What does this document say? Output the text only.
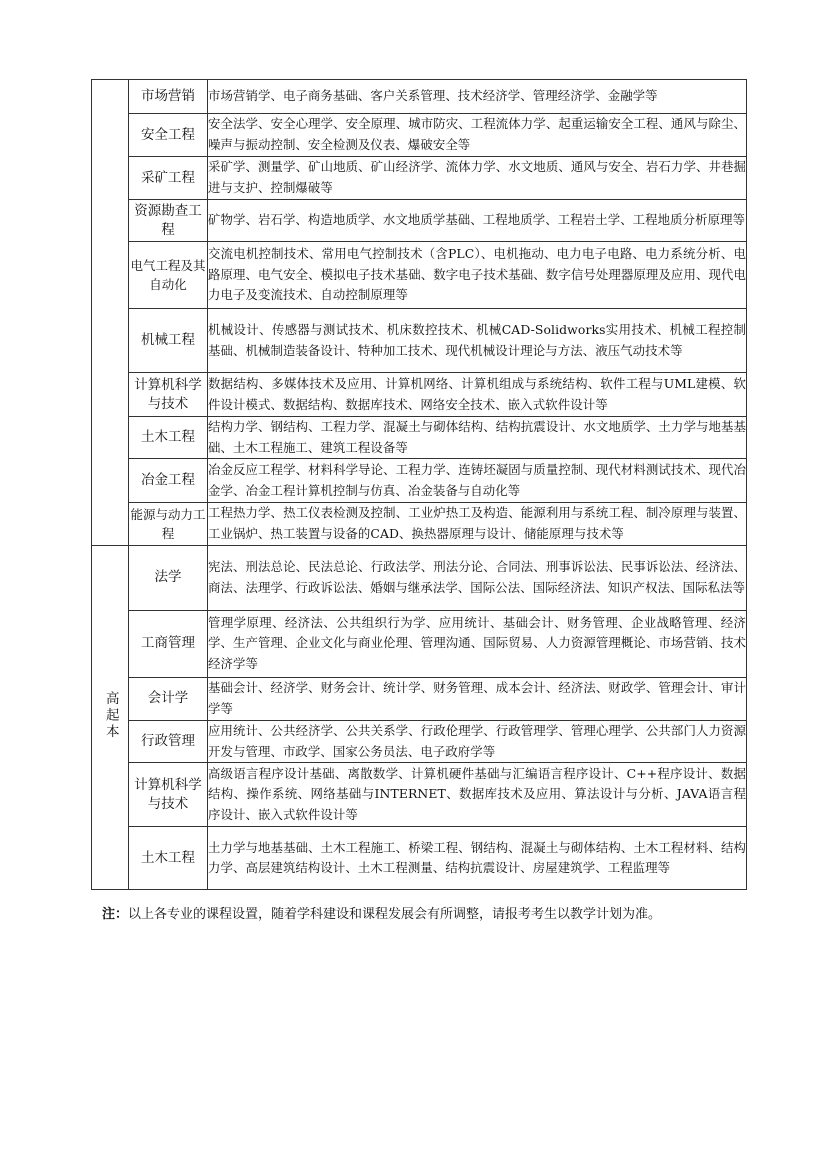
	市场营销	市场营销学、电子商务基础、客户关系管理、技术经济学、管理经济学、金融学等
	安全工程	安全法学、安全心理学、安全原理、城市防灾、工程流体力学、起重运输安全工程、通风与除尘、噪声与振动控制、安全检测及仪表、爆破安全等
	采矿工程	采矿学、测量学、矿山地质、矿山经济学、流体力学、水文地质、通风与安全、岩石力学、井巷掘进与支护、控制爆破等
	资源勘查工程	矿物学、岩石学、构造地质学、水文地质学基础、工程地质学、工程岩土学、工程地质分析原理等
	电气工程及其自动化	交流电机控制技术、常用电气控制技术（含PLC）、电机拖动、电力电子电路、电力系统分析、电路原理、电气安全、模拟电子技术基础、数字电子技术基础、数字信号处理器原理及应用、现代电力电子及变流技术、自动控制原理等
	机械工程	机械设计、传感器与测试技术、机床数控技术、机械CAD-Solidworks实用技术、机械工程控制基础、机械制造装备设计、特种加工技术、现代机械设计理论与方法、液压气动技术等
	计算机科学与技术	数据结构、多媒体技术及应用、计算机网络、计算机组成与系统结构、软件工程与UML建模、软件设计模式、数据结构、数据库技术、网络安全技术、嵌入式软件设计等
	土木工程	结构力学、钢结构、工程力学、混凝土与砌体结构、结构抗震设计、水文地质学、土力学与地基基础、土木工程施工、建筑工程设备等
	冶金工程	冶金反应工程学、材料科学导论、工程力学、连铸坯凝固与质量控制、现代材料测试技术、现代冶金学、冶金工程计算机控制与仿真、冶金装备与自动化等
	能源与动力工程	工程热力学、热工仪表检测及控制、工业炉热工及构造、能源利用与系统工程、制冷原理与装置、工业锅炉、热工装置与设备的CAD、换热器原理与设计、储能原理与技术等
高起本	法学	宪法、刑法总论、民法总论、行政法学、刑法分论、合同法、刑事诉讼法、民事诉讼法、经济法、商法、法理学、行政诉讼法、婚姻与继承法学、国际公法、国际经济法、知识产权法、国际私法等
	工商管理	管理学原理、经济法、公共组织行为学、应用统计、基础会计、财务管理、企业战略管理、经济学、生产管理、企业文化与商业伦理、管理沟通、国际贸易、人力资源管理概论、市场营销、技术经济学等
	会计学	基础会计、经济学、财务会计、统计学、财务管理、成本会计、经济法、财政学、管理会计、审计学等
	行政管理	应用统计、公共经济学、公共关系学、行政伦理学、行政管理学、管理心理学、公共部门人力资源开发与管理、市政学、国家公务员法、电子政府学等
	计算机科学与技术	高级语言程序设计基础、离散数学、计算机硬件基础与汇编语言程序设计、C++程序设计、数据结构、操作系统、网络基础与INTERNET、数据库技术及应用、算法设计与分析、JAVA语言程序设计、嵌入式软件设计等
	土木工程	土力学与地基基础、土木工程施工、桥梁工程、钢结构、混凝土与砌体结构、土木工程材料、结构力学、高层建筑结构设计、土木工程测量、结构抗震设计、房屋建筑学、工程监理等
注：以上各专业的课程设置，随着学科建设和课程发展会有所调整，请报考考生以教学计划为准。
